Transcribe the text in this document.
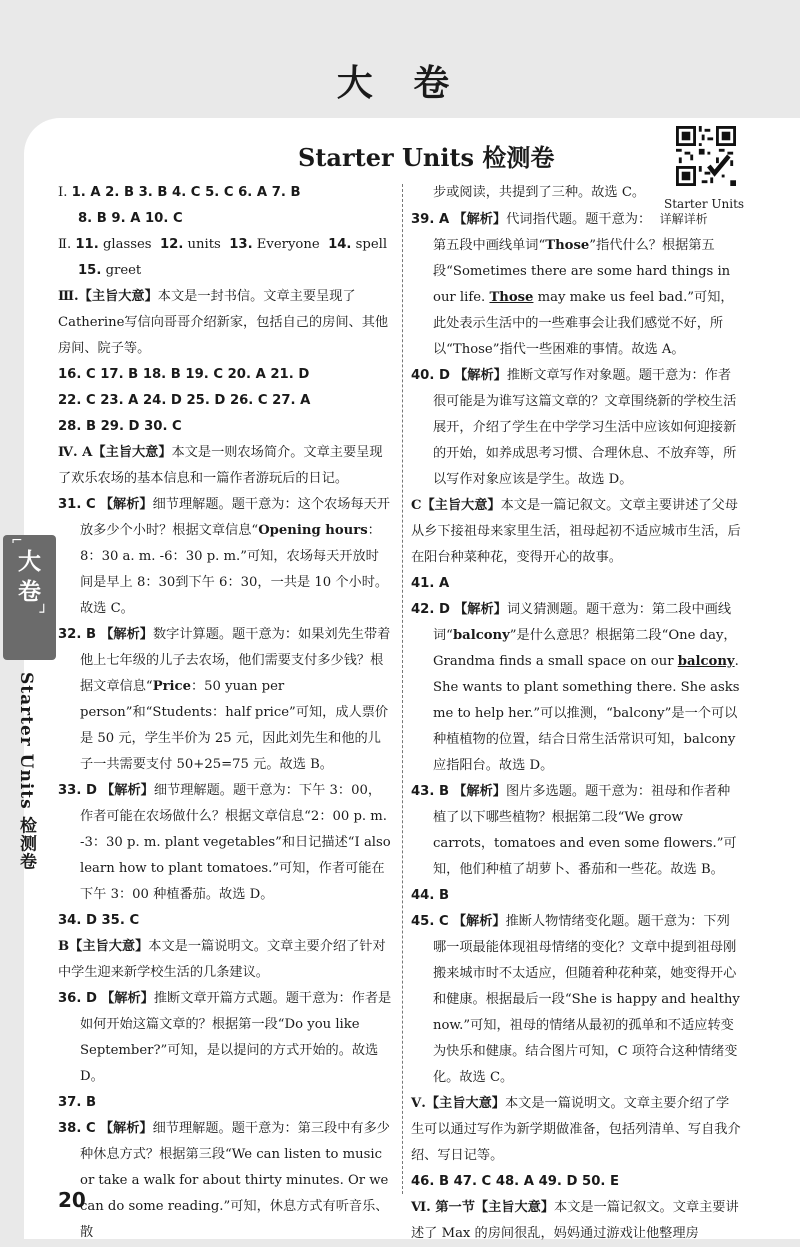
大 卷
Starter Units 检测卷
Starter Units
⌐
大
卷
┘
Starter Units 检测卷

Ⅰ. 1. A 2. B 3. B 4. C 5. C 6. A 7. B
8. B 9. A 10. C

Ⅱ. 11. glasses 12. units 13. Everyone 14. spell
15. greet

Ⅲ.【主旨大意】本文是一封书信。文章主要呈现了Catherine写信向哥哥介绍新家，包括自己的房间、其他房间、院子等。

16. C 17. B 18. B 19. C 20. A 21. D
22. C 23. A 24. D 25. D 26. C 27. A
28. B 29. D 30. C

Ⅳ. A【主旨大意】本文是一则农场简介。文章主要呈现了欢乐农场的基本信息和一篇作者游玩后的日记。

31. C 【解析】细节理解题。题干意为：这个农场每天开放多少个小时？根据文章信息“Opening hours：8：30 a. m. -6：30 p. m.”可知，农场每天开放时间是早上 8：30到下午 6：30，一共是 10 个小时。故选 C。

32. B 【解析】数字计算题。题干意为：如果刘先生带着他上七年级的儿子去农场，他们需要支付多少钱？根据文章信息“Price：50 yuan per person”和“Students：half price”可知，成人票价是 50 元，学生半价为 25 元，因此刘先生和他的儿子一共需要支付 50+25=75 元。故选 B。

33. D 【解析】细节理解题。题干意为：下午 3：00，作者可能在农场做什么？根据文章信息“2：00 p. m. -3：30 p. m. plant vegetables”和日记描述“I also learn how to plant tomatoes.”可知，作者可能在下午 3：00 种植番茄。故选 D。

34. D 35. C

B【主旨大意】本文是一篇说明文。文章主要介绍了针对中学生迎来新学校生活的几条建议。

36. D 【解析】推断文章开篇方式题。题干意为：作者是如何开始这篇文章的？根据第一段“Do you like September?”可知，是以提问的方式开始的。故选 D。

37. B

38. C 【解析】细节理解题。题干意为：第三段中有多少种休息方式？根据第三段“We can listen to music or take a walk for about thirty minutes. Or we can do some reading.”可知，休息方式有听音乐、散

步或阅读，共提到了三种。故选 C。

39. A 【解析】代词指代题。题干意为： 详解详析
第五段中画线单词“Those”指代什么？根据第五段“Sometimes there are some hard things in our life. Those may make us feel bad.”可知，此处表示生活中的一些难事会让我们感觉不好，所以“Those”指代一些困难的事情。故选 A。

40. D 【解析】推断文章写作对象题。题干意为：作者很可能是为谁写这篇文章的？文章围绕新的学校生活展开，介绍了学生在中学学习生活中应该如何迎接新的开始，如养成思考习惯、合理休息、不放弃等，所以写作对象应该是学生。故选 D。

C【主旨大意】本文是一篇记叙文。文章主要讲述了父母从乡下接祖母来家里生活，祖母起初不适应城市生活，后在阳台种菜种花，变得开心的故事。

41. A

42. D 【解析】词义猜测题。题干意为：第二段中画线词“balcony”是什么意思？根据第二段“One day，Grandma finds a small space on our balcony. She wants to plant something there. She asks me to help her.”可以推测，“balcony”是一个可以种植植物的位置，结合日常生活常识可知，balcony 应指阳台。故选 D。

43. B 【解析】图片多选题。题干意为：祖母和作者种植了以下哪些植物？根据第二段“We grow carrots，tomatoes and even some flowers.”可知，他们种植了胡萝卜、番茄和一些花。故选 B。

44. B

45. C 【解析】推断人物情绪变化题。题干意为：下列哪一项最能体现祖母情绪的变化？文章中提到祖母刚搬来城市时不太适应，但随着种花种菜，她变得开心和健康。根据最后一段“She is happy and healthy now.”可知，祖母的情绪从最初的孤单和不适应转变为快乐和健康。结合图片可知，C 项符合这种情绪变化。故选 C。

Ⅴ.【主旨大意】本文是一篇说明文。文章主要介绍了学生可以通过写作为新学期做准备，包括列清单、写自我介绍、写日记等。

46. B 47. C 48. A 49. D 50. E

Ⅵ. 第一节【主旨大意】本文是一篇记叙文。文章主要讲述了 Max 的房间很乱，妈妈通过游戏让他整理房

20
